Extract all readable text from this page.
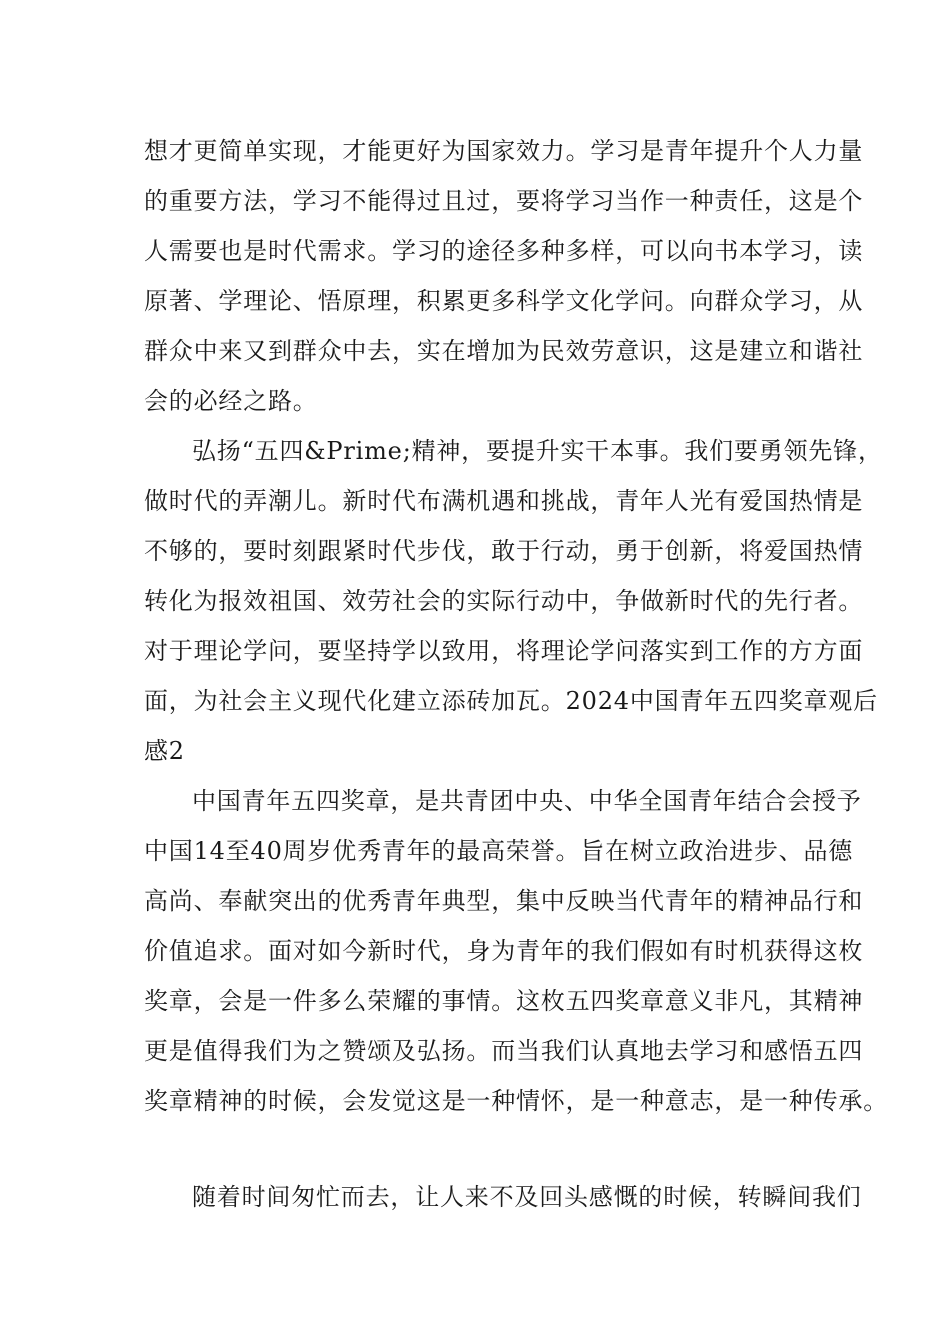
想才更简单实现，才能更好为国家效力。学习是青年提升个人力量
的重要方法，学习不能得过且过，要将学习当作一种责任，这是个
人需要也是时代需求。学习的途径多种多样，可以向书本学习，读
原著、学理论、悟原理，积累更多科学文化学问。向群众学习，从
群众中来又到群众中去，实在增加为民效劳意识，这是建立和谐社
会的必经之路。
弘扬“五四&Prime;精神，要提升实干本事。我们要勇领先锋，
做时代的弄潮儿。新时代布满机遇和挑战，青年人光有爱国热情是
不够的，要时刻跟紧时代步伐，敢于行动，勇于创新，将爱国热情
转化为报效祖国、效劳社会的实际行动中，争做新时代的先行者。
对于理论学问，要坚持学以致用，将理论学问落实到工作的方方面
面，为社会主义现代化建立添砖加瓦。2024中国青年五四奖章观后
感2
中国青年五四奖章，是共青团中央、中华全国青年结合会授予
中国14至40周岁优秀青年的最高荣誉。旨在树立政治进步、品德
高尚、奉献突出的优秀青年典型，集中反映当代青年的精神品行和
价值追求。面对如今新时代，身为青年的我们假如有时机获得这枚
奖章，会是一件多么荣耀的事情。这枚五四奖章意义非凡，其精神
更是值得我们为之赞颂及弘扬。而当我们认真地去学习和感悟五四
奖章精神的时候，会发觉这是一种情怀，是一种意志，是一种传承。
随着时间匆忙而去，让人来不及回头感慨的时候，转瞬间我们
